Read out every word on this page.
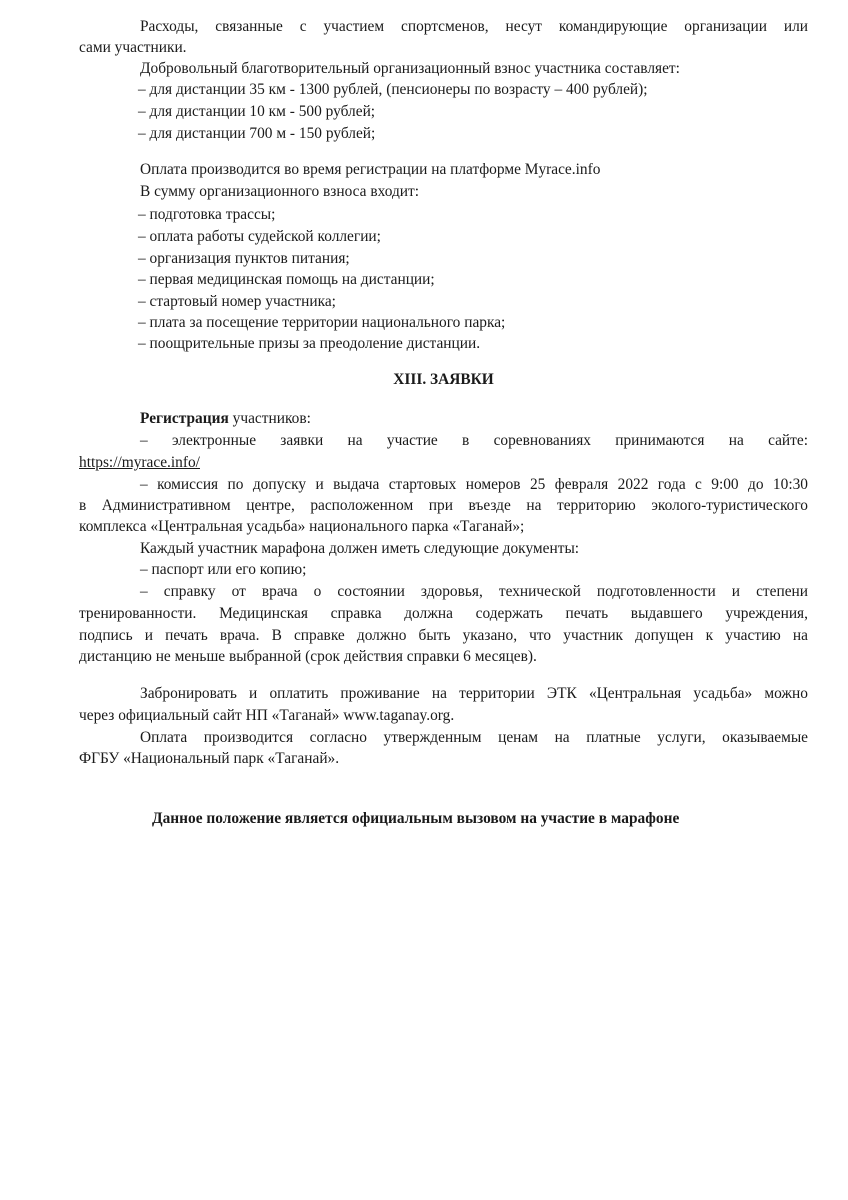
Расходы, связанные с участием спортсменов, несут командирующие организации или
сами участники.
Добровольный благотворительный организационный взнос участника составляет:
– для дистанции 35 км - 1300 рублей, (пенсионеры по возрасту – 400 рублей);
– для дистанции 10 км - 500 рублей;
– для дистанции 700 м - 150 рублей;
Оплата производится во время регистрации на платформе Myrace.info
В сумму организационного взноса входит:
– подготовка трассы;
– оплата работы судейской коллегии;
– организация пунктов питания;
– первая медицинская помощь на дистанции;
– стартовый номер участника;
– плата за посещение территории национального парка;
– поощрительные призы за преодоление дистанции.
XIII. ЗАЯВКИ
Регистрация участников:
– электронные заявки на участие в соревнованиях принимаются на сайте:
https://myrace.info/
– комиссия по допуску и выдача стартовых номеров 25 февраля 2022 года с 9:00 до 10:30
в Административном центре, расположенном при въезде на территорию эколого-туристического
комплекса «Центральная усадьба» национального парка «Таганай»;
Каждый участник марафона должен иметь следующие документы:
– паспорт или его копию;
– справку от врача о состоянии здоровья, технической подготовленности и степени
тренированности. Медицинская справка должна содержать печать выдавшего учреждения,
подпись и печать врача. В справке должно быть указано, что участник допущен к участию на
дистанцию не меньше выбранной (срок действия справки 6 месяцев).
Забронировать и оплатить проживание на территории ЭТК «Центральная усадьба» можно
через официальный сайт НП «Таганай» www.taganay.org.
Оплата производится согласно утвержденным ценам на платные услуги, оказываемые
ФГБУ «Национальный парк «Таганай».
Данное положение является официальным вызовом на участие в марафоне
